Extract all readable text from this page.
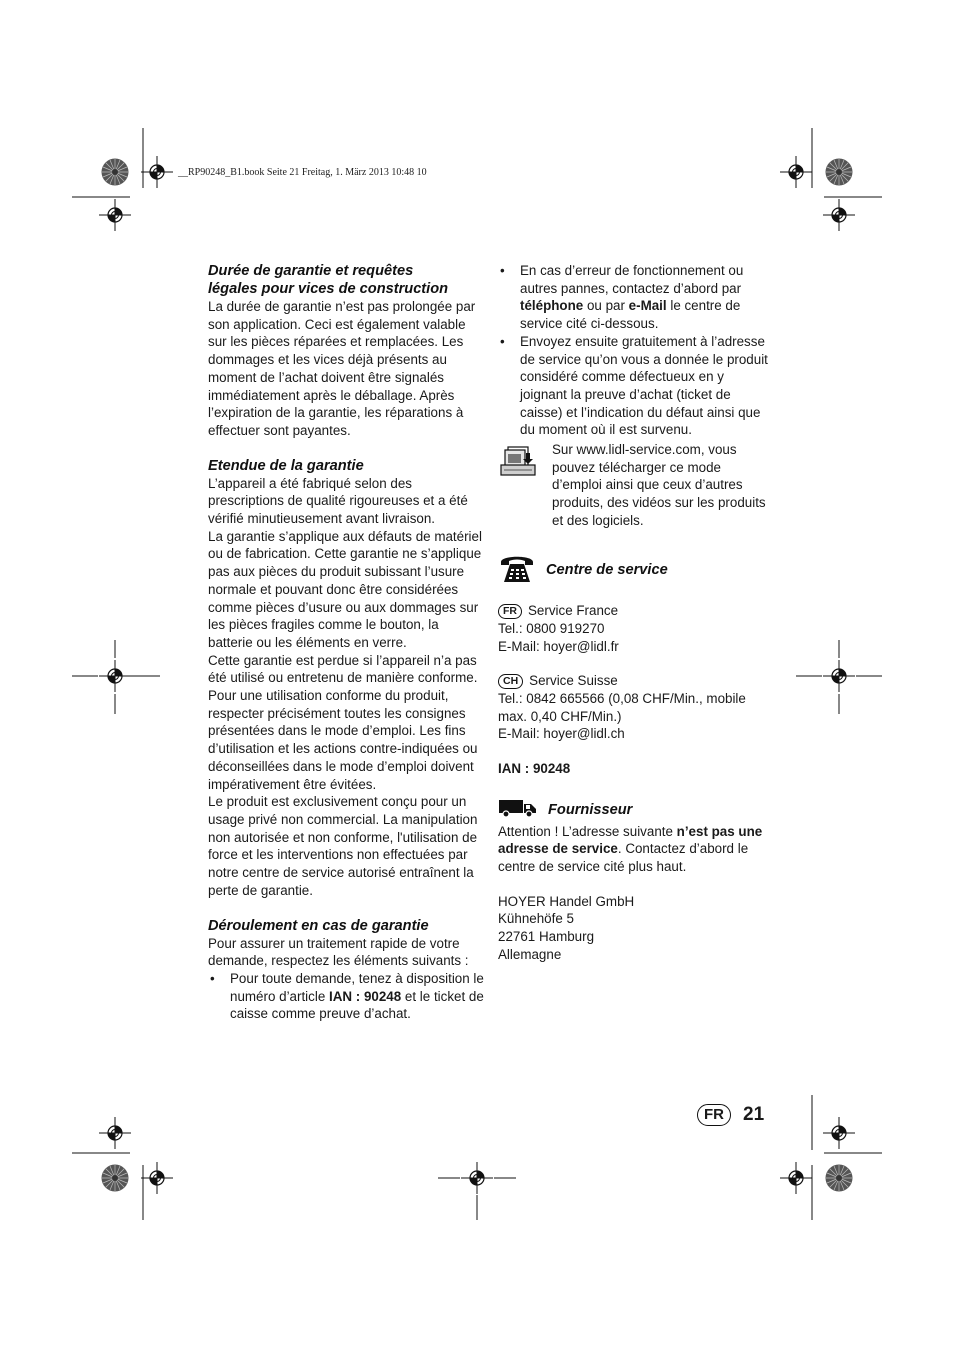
__RP90248_B1.book Seite 21 Freitag, 1. März 2013 10:48 10
Durée de garantie et requêtes
légales pour vices de construction

La durée de garantie n’est pas prolongée par son application. Ceci est également valable sur les pièces réparées et remplacées. Les dommages et les vices déjà présents au moment de l’achat doivent être signalés immédiatement après le déballage. Après l’expiration de la garantie, les réparations à effectuer sont payantes.

Etendue de la garantie

L’appareil a été fabriqué selon des prescriptions de qualité rigoureuses et a été vérifié minutieusement avant livraison.

La garantie s’applique aux défauts de matériel ou de fabrication. Cette garantie ne s’applique pas aux pièces du produit subissant l’usure normale et pouvant donc être considérées comme pièces d’usure ou aux dommages sur les pièces fragiles comme le bouton, la batterie ou les éléments en verre.

Cette garantie est perdue si l’appareil n’a pas été utilisé ou entretenu de manière conforme. Pour une utilisation conforme du produit, respecter précisément toutes les consignes présentées dans le mode d’emploi. Les fins d’utilisation et les actions contre-indiquées ou déconseillées dans le mode d’emploi doivent impérativement être évitées.

Le produit est exclusivement conçu pour un usage privé non commercial. La manipulation non autorisée et non conforme, l'utilisation de force et les interventions non effectuées par notre centre de service autorisé entraînent la perte de garantie.

Déroulement en cas de garantie

Pour assurer un traitement rapide de votre demande, respectez les éléments suivants :

• Pour toute demande, tenez à disposition le numéro d’article IAN : 90248 et le ticket de caisse comme preuve d’achat.
• En cas d’erreur de fonctionnement ou autres pannes, contactez d’abord par téléphone ou par e-Mail le centre de service cité ci-dessous.
• Envoyez ensuite gratuitement à l’adresse de service qu’on vous a donnée le produit considéré comme défectueux en y joignant la preuve d’achat (ticket de caisse) et l’indication du défaut ainsi que du moment où il est survenu.
Sur www.lidl-service.com, vous pouvez télécharger ce mode d’emploi ainsi que ceux d’autres produits, des vidéos sur les produits et des logiciels.
Centre de service

FR Service France

Tel.: 0800 919270

E-Mail: hoyer@lidl.fr

CH Service Suisse

Tel.: 0842 665566 (0,08 CHF/Min., mobile max. 0,40 CHF/Min.)

E-Mail: hoyer@lidl.ch

IAN : 90248

Fournisseur

Attention ! L’adresse suivante n’est pas une adresse de service. Contactez d’abord le centre de service cité plus haut.

HOYER Handel GmbH

Kühnehöfe 5

22761 Hamburg

Allemagne

FR	21
